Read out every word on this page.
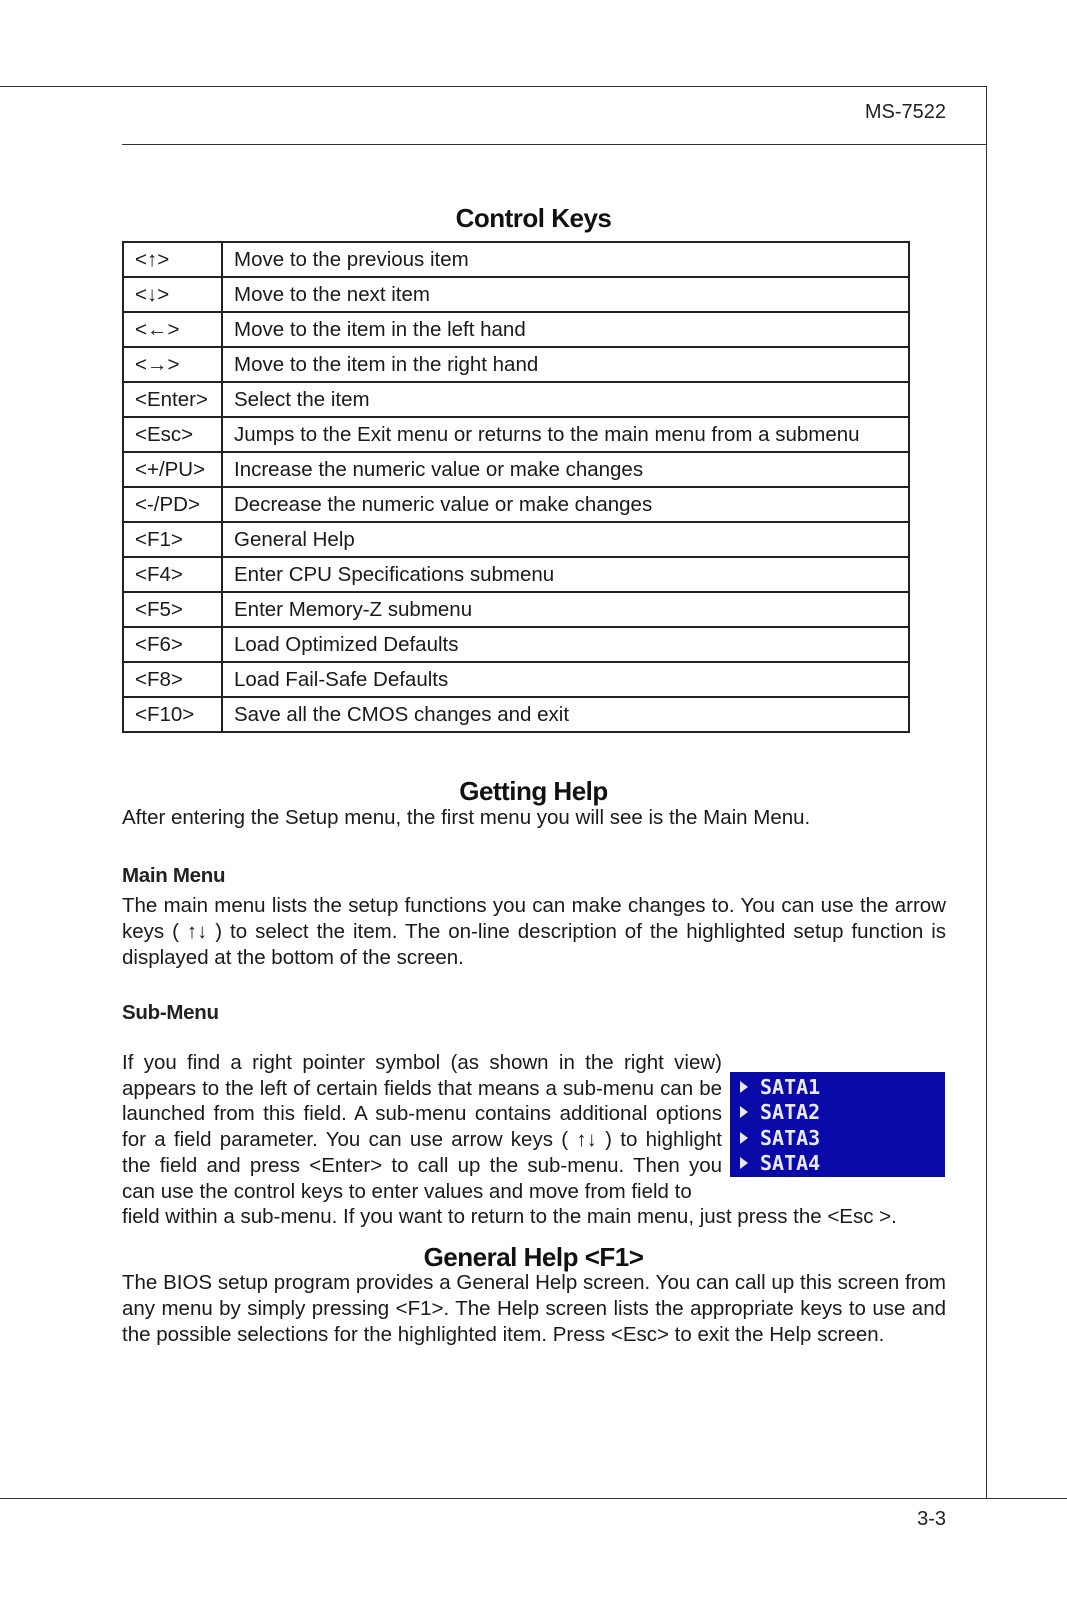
MS-7522
Control Keys
<↑>	Move to the previous item
<↓>	Move to the next item
<←>	Move to the item in the left hand
<→>	Move to the item in the right hand
<Enter>	Select the item
<Esc>	Jumps to the Exit menu or returns to the main menu from a submenu
<+/PU>	Increase the numeric value or make changes
<-/PD>	Decrease the numeric value or make changes
<F1>	General Help
<F4>	Enter CPU Specifications submenu
<F5>	Enter Memory-Z submenu
<F6>	Load Optimized Defaults
<F8>	Load Fail-Safe Defaults
<F10>	Save all the CMOS changes and exit
Getting Help
After entering the Setup menu, the first menu you will see is the Main Menu.
Main Menu
The main menu lists the setup functions you can make changes to. You can use the arrow keys ( ↑↓ ) to select the item. The on-line description of the highlighted setup function is displayed at the bottom of the screen.
Sub-Menu
If you find a right pointer symbol (as shown in the right view) appears to the left of certain fields that means a sub-menu can be launched from this field. A sub-menu contains additional options for a field parameter. You can use arrow keys ( ↑↓ ) to highlight the field and press <Enter> to call up the sub-menu. Then you can use the control keys to enter values and move from field to
field within a sub-menu. If you want to return to the main menu, just press the <Esc >.
SATA1
SATA2
SATA3
SATA4
General Help <F1>
The BIOS setup program provides a General Help screen. You can call up this screen from any menu by simply pressing <F1>. The Help screen lists the appropriate keys to use and the possible selections for the highlighted item. Press <Esc> to exit the Help screen.
3-3
